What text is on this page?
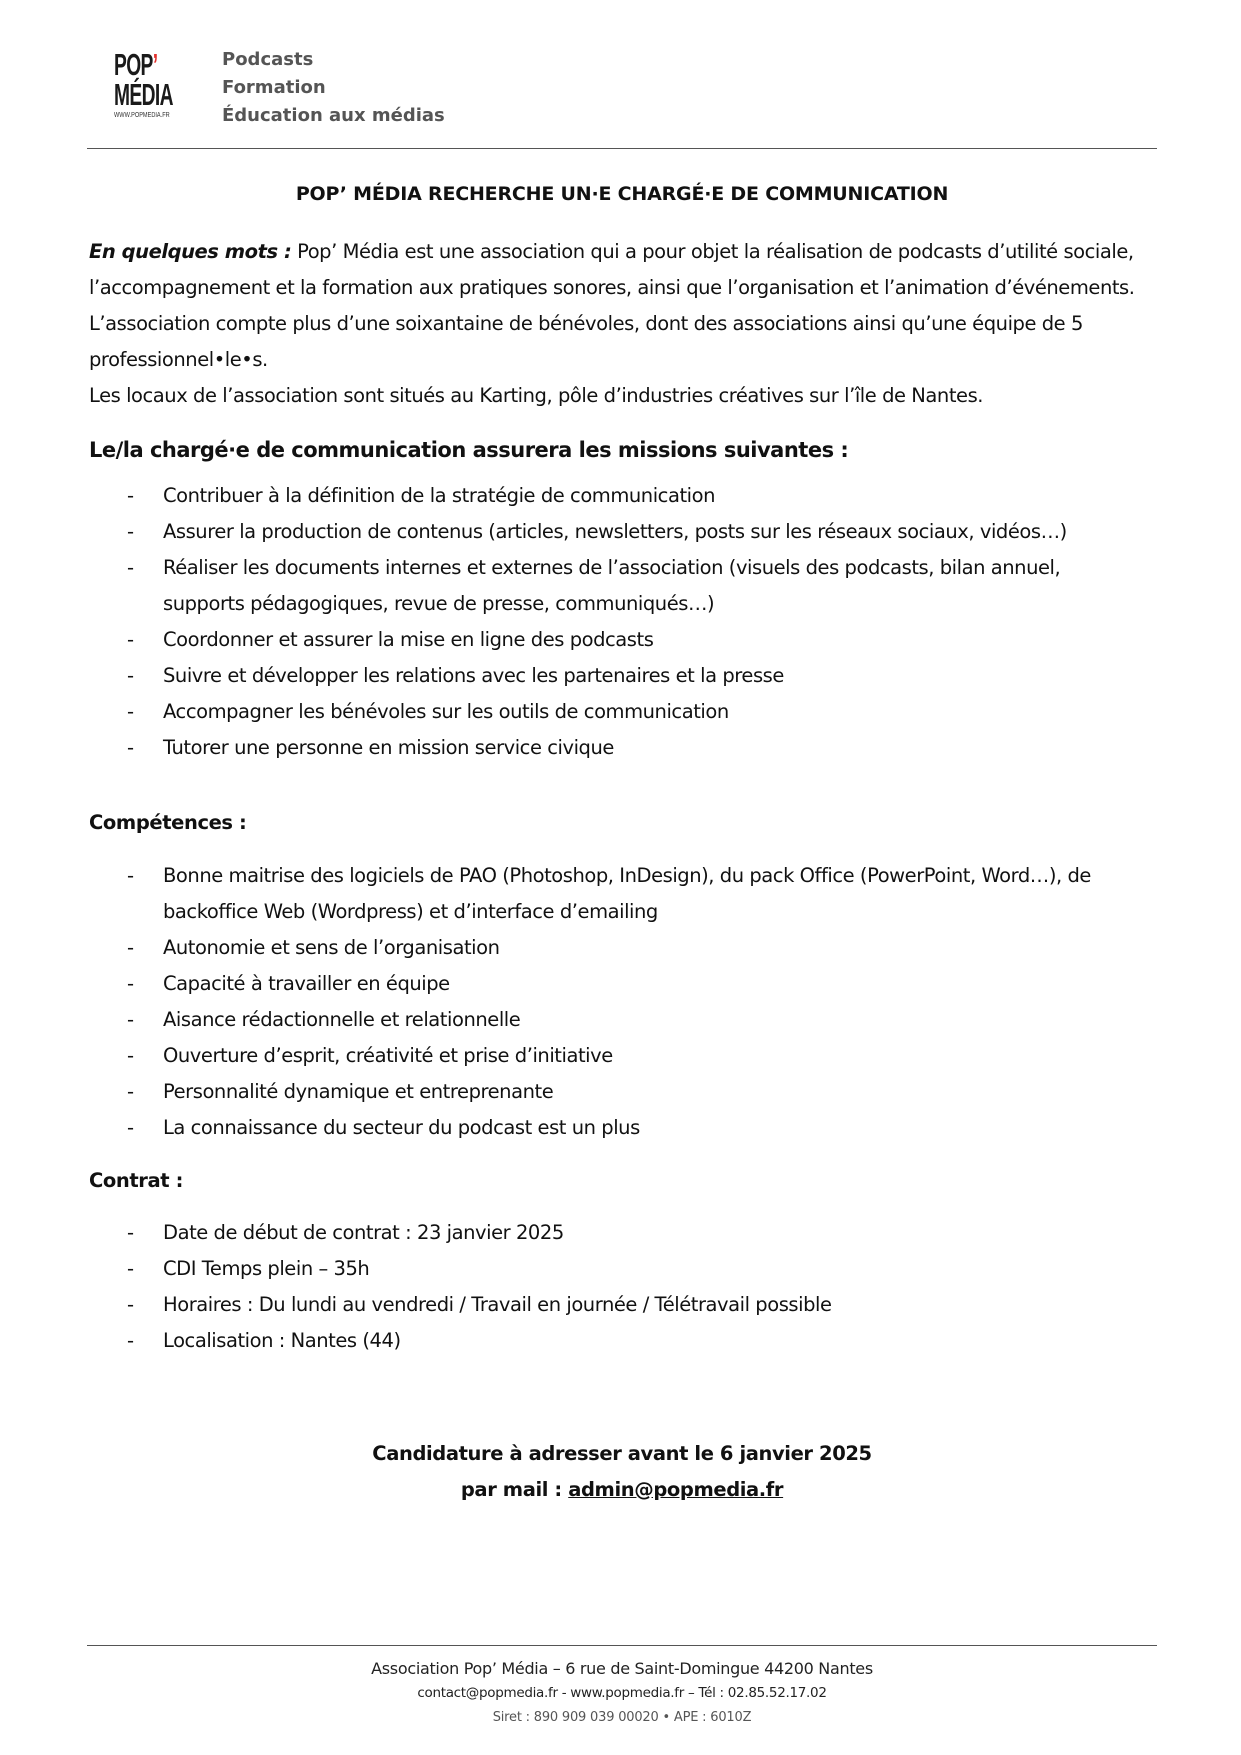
POP’
MÉDIA
WWW.POPMEDIA.FR
Podcasts
Formation
Éducation aux médias
POP’ MÉDIA RECHERCHE UN·E CHARGÉ·E DE COMMUNICATION

En quelques mots : Pop’ Média est une association qui a pour objet la réalisation de podcasts d’utilité sociale, l’accompagnement et la formation aux pratiques sonores, ainsi que l’organisation et l’animation d’événements.

L’association compte plus d’une soixantaine de bénévoles, dont des associations ainsi qu’une équipe de 5 professionnel•le•s.

Les locaux de l’association sont situés au Karting, pôle d’industries créatives sur l’île de Nantes.

Le/la chargé·e de communication assurera les missions suivantes :

- Contribuer à la définition de la stratégie de communication
- Assurer la production de contenus (articles, newsletters, posts sur les réseaux sociaux, vidéos…)
- Réaliser les documents internes et externes de l’association (visuels des podcasts, bilan annuel, supports pédagogiques, revue de presse, communiqués…)
- Coordonner et assurer la mise en ligne des podcasts
- Suivre et développer les relations avec les partenaires et la presse
- Accompagner les bénévoles sur les outils de communication
- Tutorer une personne en mission service civique

Compétences :

- Bonne maitrise des logiciels de PAO (Photoshop, InDesign), du pack Office (PowerPoint, Word…), de backoffice Web (Wordpress) et d’interface d’emailing
- Autonomie et sens de l’organisation
- Capacité à travailler en équipe
- Aisance rédactionnelle et relationnelle
- Ouverture d’esprit, créativité et prise d’initiative
- Personnalité dynamique et entreprenante
- La connaissance du secteur du podcast est un plus

Contrat :

- Date de début de contrat : 23 janvier 2025
- CDI Temps plein – 35h
- Horaires : Du lundi au vendredi / Travail en journée / Télétravail possible
- Localisation : Nantes (44)
Candidature à adresser avant le 6 janvier 2025
par mail : admin@popmedia.fr
Association Pop’ Média – 6 rue de Saint-Domingue 44200 Nantes
contact@popmedia.fr - www.popmedia.fr – Tél : 02.85.52.17.02
Siret : 890 909 039 00020 • APE : 6010Z
